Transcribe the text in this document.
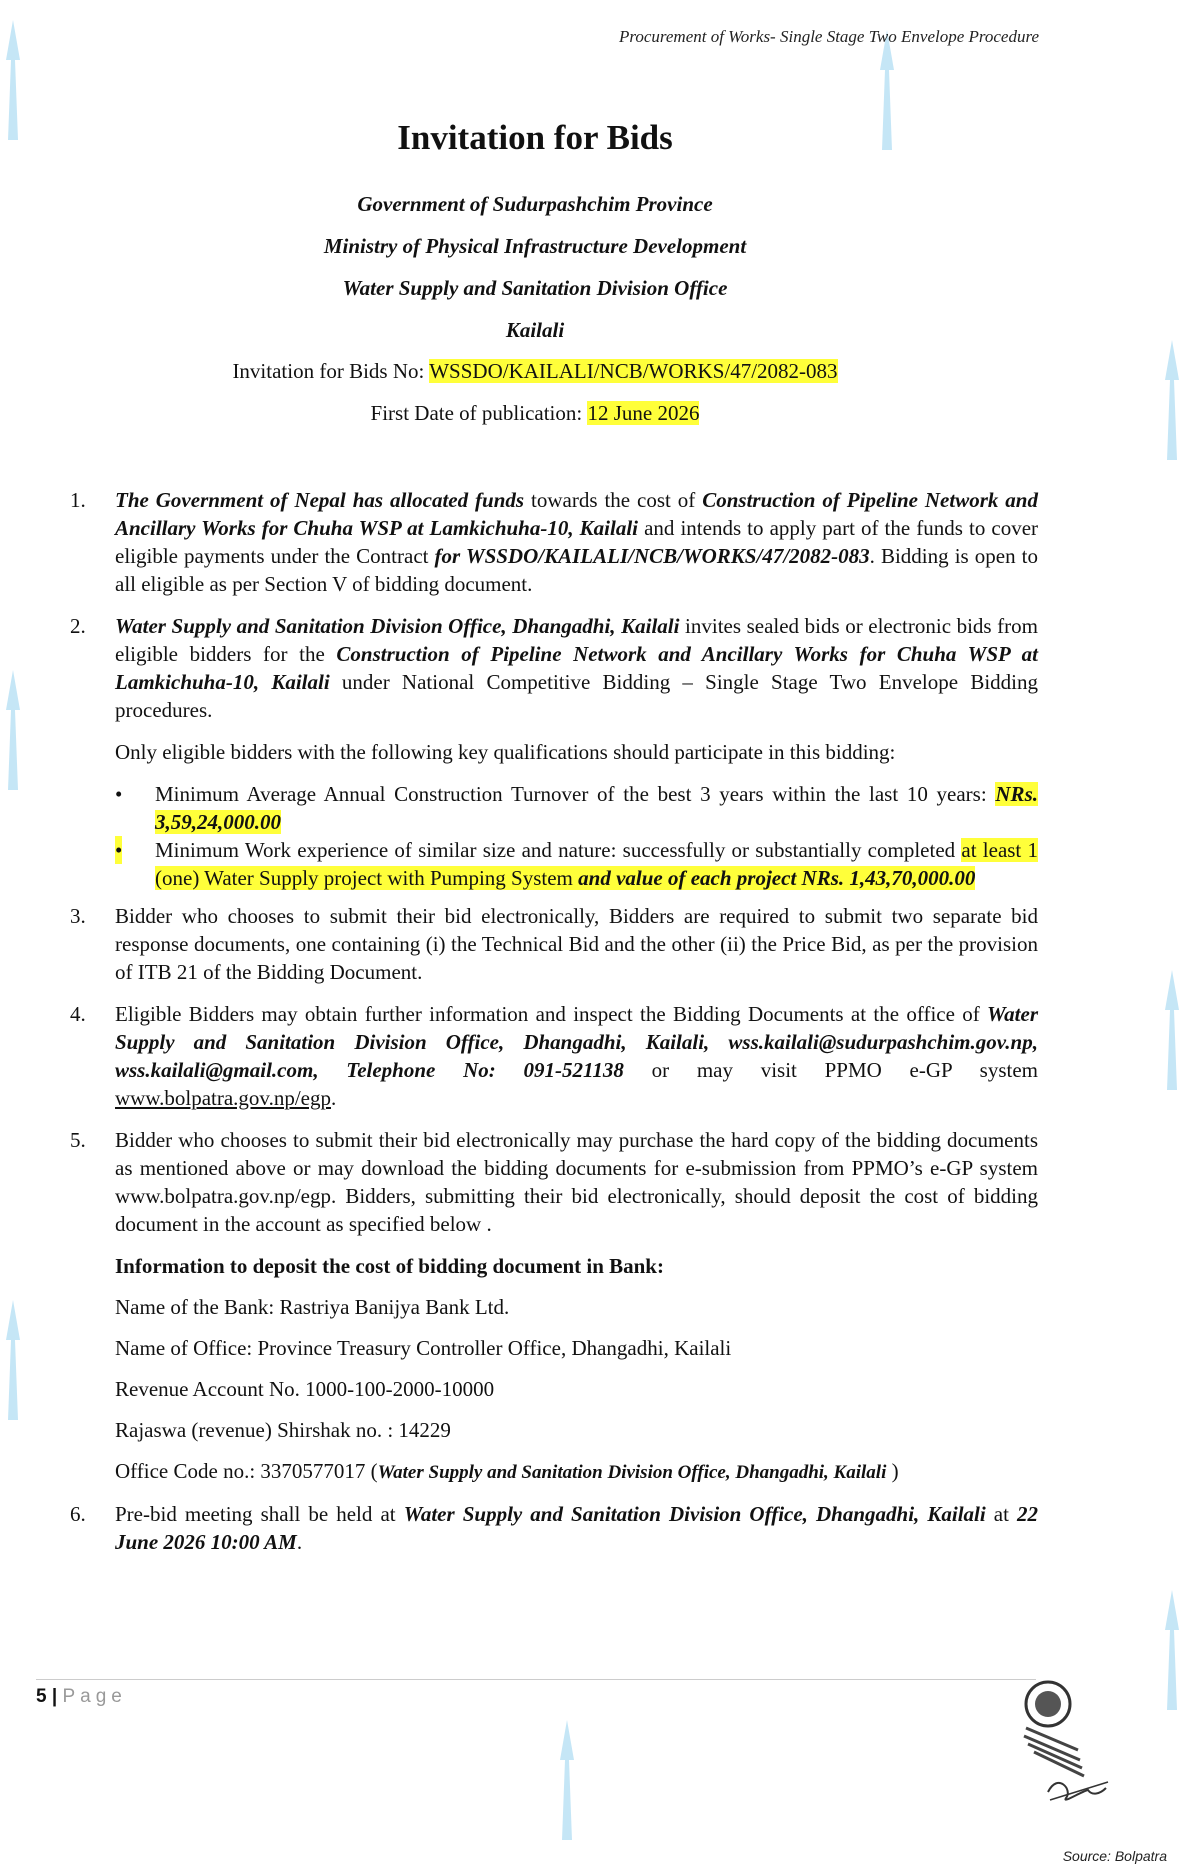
Procurement of Works- Single Stage Two Envelope Procedure
Invitation for Bids
Government of Sudurpashchim Province
Ministry of Physical Infrastructure Development
Water Supply and Sanitation Division Office
Kailali
Invitation for Bids No: WSSDO/KAILALI/NCB/WORKS/47/2082-083
First Date of publication: 12 June 2026
1. The Government of Nepal has allocated funds towards the cost of Construction of Pipeline Network and Ancillary Works for Chuha WSP at Lamkichuha-10, Kailali and intends to apply part of the funds to cover eligible payments under the Contract for WSSDO/KAILALI/NCB/WORKS/47/2082-083. Bidding is open to all eligible as per Section V of bidding document.
2. Water Supply and Sanitation Division Office, Dhangadhi, Kailali invites sealed bids or electronic bids from eligible bidders for the Construction of Pipeline Network and Ancillary Works for Chuha WSP at Lamkichuha-10, Kailali under National Competitive Bidding – Single Stage Two Envelope Bidding procedures.
Only eligible bidders with the following key qualifications should participate in this bidding:
• Minimum Average Annual Construction Turnover of the best 3 years within the last 10 years: NRs. 3,59,24,000.00
• Minimum Work experience of similar size and nature: successfully or substantially completed at least 1 (one) Water Supply project with Pumping System and value of each project NRs. 1,43,70,000.00
3. Bidder who chooses to submit their bid electronically, Bidders are required to submit two separate bid response documents, one containing (i) the Technical Bid and the other (ii) the Price Bid, as per the provision of ITB 21 of the Bidding Document.
4. Eligible Bidders may obtain further information and inspect the Bidding Documents at the office of Water Supply and Sanitation Division Office, Dhangadhi, Kailali, wss.kailali@sudurpashchim.gov.np, wss.kailali@gmail.com, Telephone No: 091-521138 or may visit PPMO e-GP system www.bolpatra.gov.np/egp.
5. Bidder who chooses to submit their bid electronically may purchase the hard copy of the bidding documents as mentioned above or may download the bidding documents for e-submission from PPMO’s e-GP system www.bolpatra.gov.np/egp. Bidders, submitting their bid electronically, should deposit the cost of bidding document in the account as specified below .
Information to deposit the cost of bidding document in Bank:
Name of the Bank: Rastriya Banijya Bank Ltd.
Name of Office: Province Treasury Controller Office, Dhangadhi, Kailali
Revenue Account No. 1000-100-2000-10000
Rajaswa (revenue) Shirshak no. : 14229
Office Code no.: 3370577017 (Water Supply and Sanitation Division Office, Dhangadhi, Kailali )
6. Pre-bid meeting shall be held at Water Supply and Sanitation Division Office, Dhangadhi, Kailali at 22 June 2026 10:00 AM.
5 | Page
Source: Bolpatra
